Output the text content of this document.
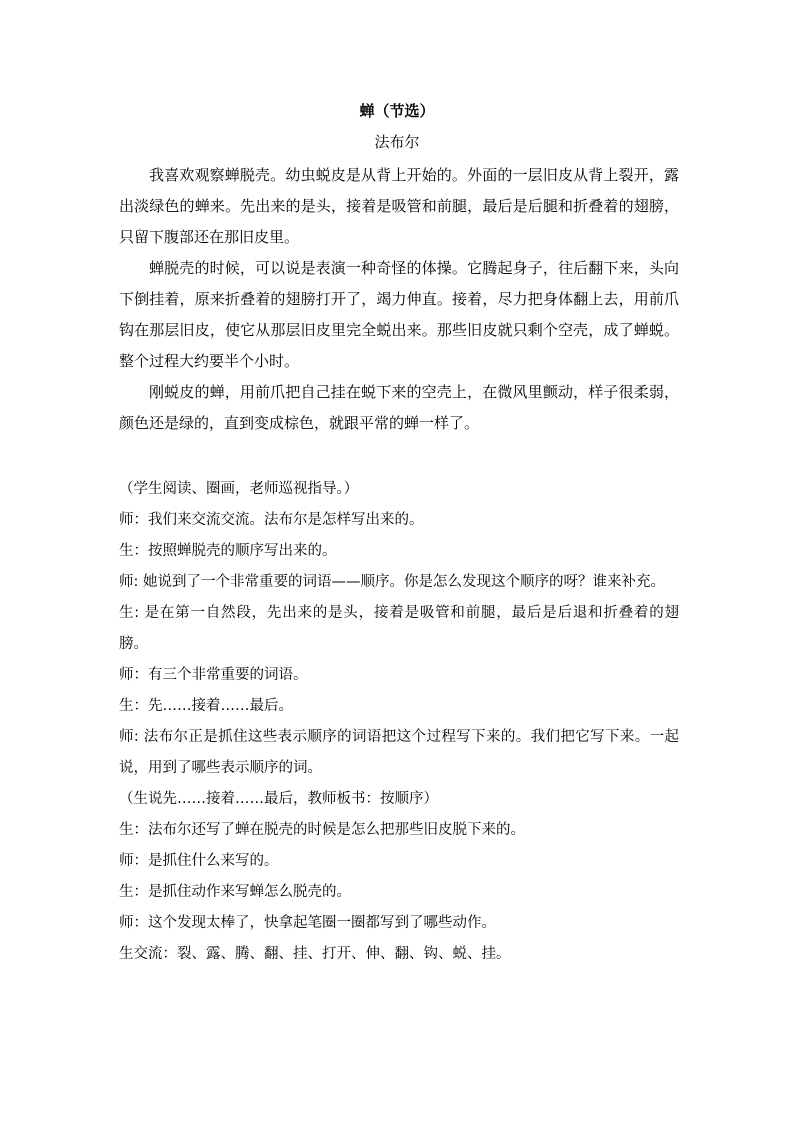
蝉（节选）
法布尔

我喜欢观察蝉脱壳。幼虫蜕皮是从背上开始的。外面的一层旧皮从背上裂开，露出淡绿色的蝉来。先出来的是头，接着是吸管和前腿，最后是后腿和折叠着的翅膀，只留下腹部还在那旧皮里。

蝉脱壳的时候，可以说是表演一种奇怪的体操。它腾起身子，往后翻下来，头向下倒挂着，原来折叠着的翅膀打开了，竭力伸直。接着，尽力把身体翻上去，用前爪钩在那层旧皮，使它从那层旧皮里完全蜕出来。那些旧皮就只剩个空壳，成了蝉蜕。整个过程大约要半个小时。

刚蜕皮的蝉，用前爪把自己挂在蜕下来的空壳上，在微风里颤动，样子很柔弱，颜色还是绿的，直到变成棕色，就跟平常的蝉一样了。

（学生阅读、圈画，老师巡视指导。）

师：我们来交流交流。法布尔是怎样写出来的。

生：按照蝉脱壳的顺序写出来的。

师: 她说到了一个非常重要的词语——顺序。你是怎么发现这个顺序的呀？谁来补充。

生: 是在第一自然段，先出来的是头，接着是吸管和前腿，最后是后退和折叠着的翅膀。

师：有三个非常重要的词语。

生：先……接着……最后。

师: 法布尔正是抓住这些表示顺序的词语把这个过程写下来的。我们把它写下来。一起说，用到了哪些表示顺序的词。

（生说先……接着……最后，教师板书：按顺序）

生：法布尔还写了蝉在脱壳的时候是怎么把那些旧皮脱下来的。

师：是抓住什么来写的。

生：是抓住动作来写蝉怎么脱壳的。

师：这个发现太棒了，快拿起笔圈一圈都写到了哪些动作。

生交流：裂、露、腾、翻、挂、打开、伸、翻、钩、蜕、挂。
